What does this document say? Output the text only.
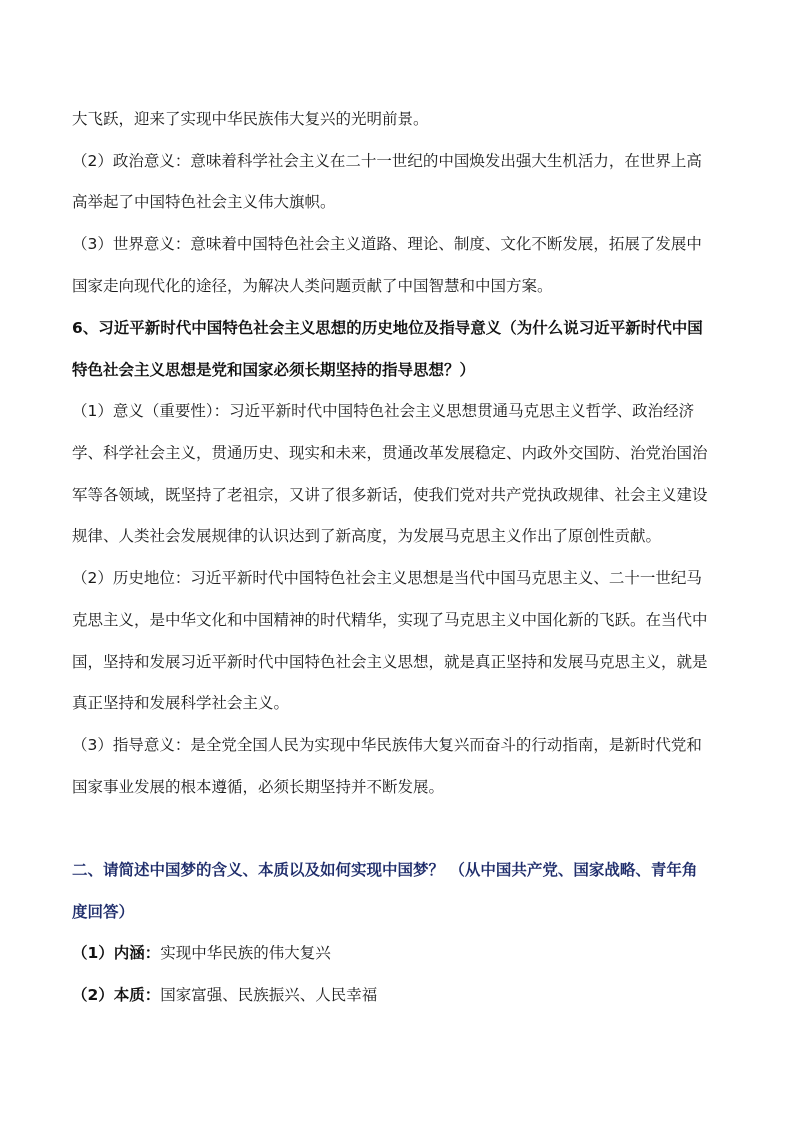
大飞跃，迎来了实现中华民族伟大复兴的光明前景。
（2）政治意义：意味着科学社会主义在二十一世纪的中国焕发出强大生机活力，在世界上高
高举起了中国特色社会主义伟大旗帜。
（3）世界意义：意味着中国特色社会主义道路、理论、制度、文化不断发展，拓展了发展中
国家走向现代化的途径，为解决人类问题贡献了中国智慧和中国方案。
6、习近平新时代中国特色社会主义思想的历史地位及指导意义（为什么说习近平新时代中国
特色社会主义思想是党和国家必须长期坚持的指导思想？）
（1）意义（重要性）：习近平新时代中国特色社会主义思想贯通马克思主义哲学、政治经济
学、科学社会主义，贯通历史、现实和未来，贯通改革发展稳定、内政外交国防、治党治国治
军等各领域，既坚持了老祖宗，又讲了很多新话，使我们党对共产党执政规律、社会主义建设
规律、人类社会发展规律的认识达到了新高度，为发展马克思主义作出了原创性贡献。
（2）历史地位：习近平新时代中国特色社会主义思想是当代中国马克思主义、二十一世纪马
克思主义，是中华文化和中国精神的时代精华，实现了马克思主义中国化新的飞跃。在当代中
国，坚持和发展习近平新时代中国特色社会主义思想，就是真正坚持和发展马克思主义，就是
真正坚持和发展科学社会主义。
（3）指导意义：是全党全国人民为实现中华民族伟大复兴而奋斗的行动指南，是新时代党和
国家事业发展的根本遵循，必须长期坚持并不断发展。
二、请简述中国梦的含义、本质以及如何实现中国梦？ （从中国共产党、国家战略、青年角
度回答）
（1）内涵：实现中华民族的伟大复兴
（2）本质：国家富强、民族振兴、人民幸福
